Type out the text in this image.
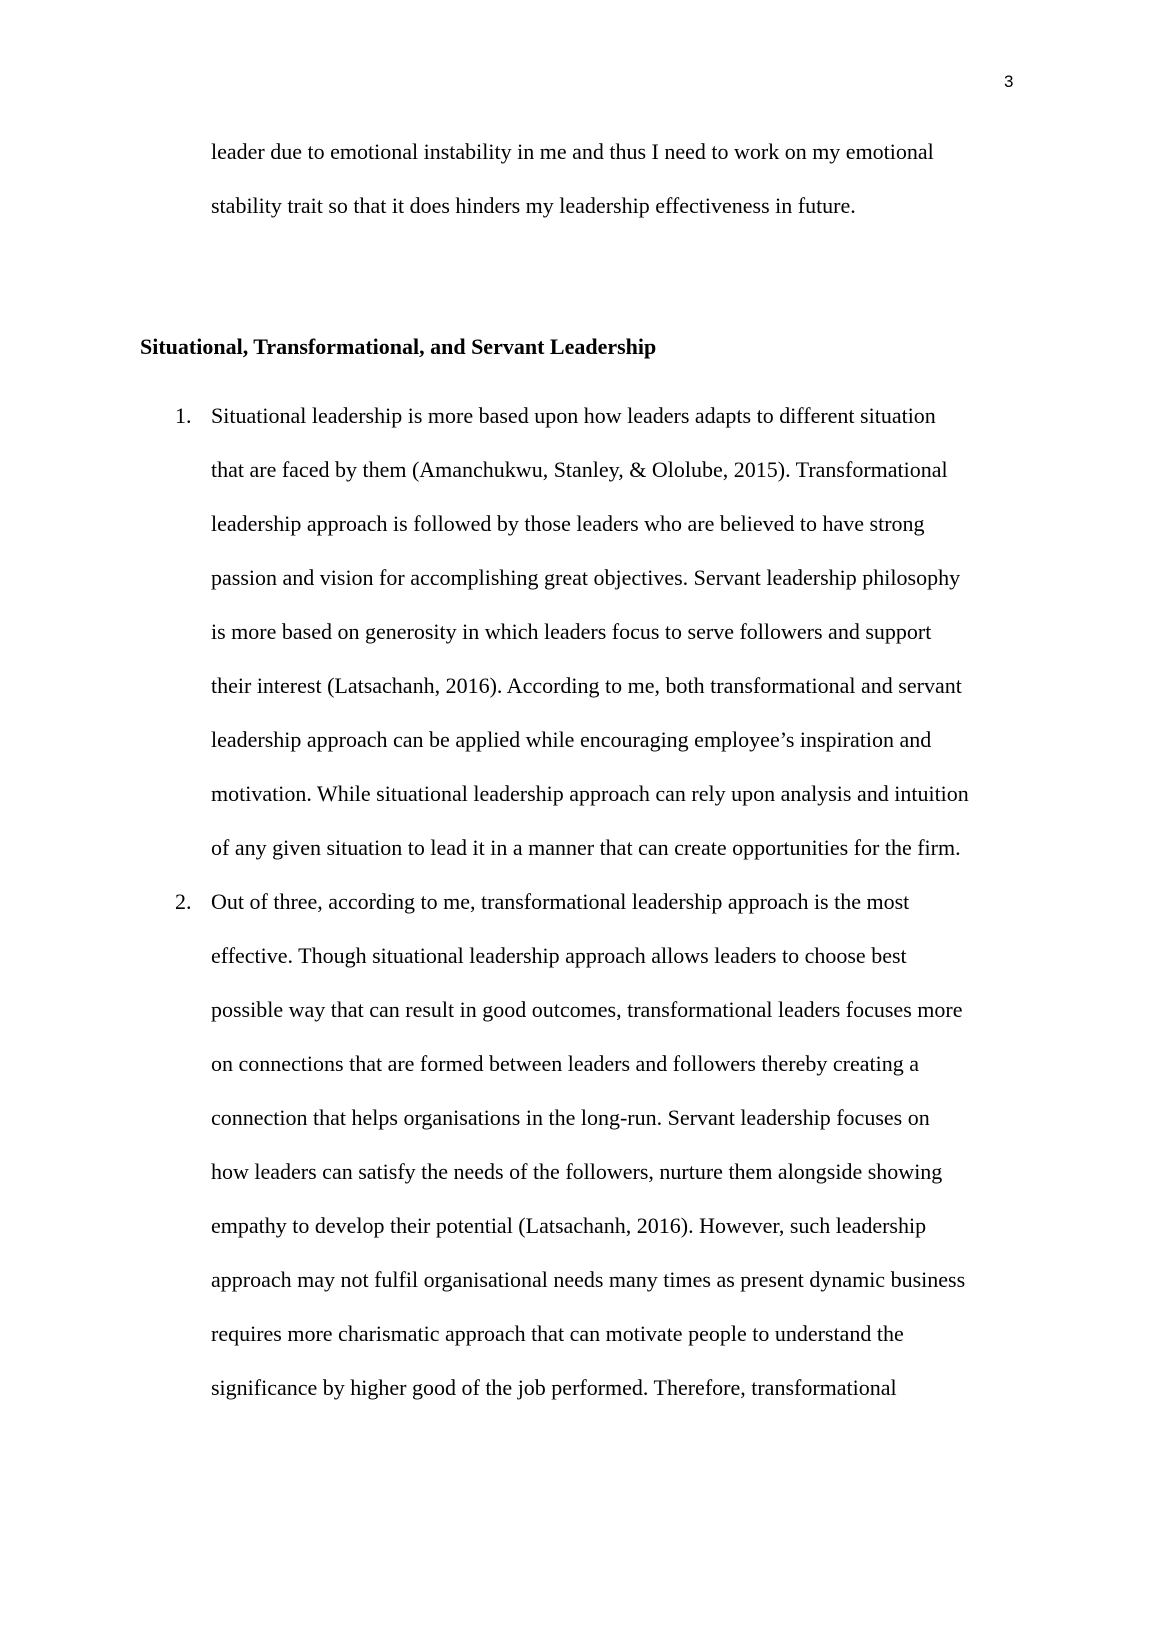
3
leader due to emotional instability in me and thus I need to work on my emotional
stability trait so that it does hinders my leadership effectiveness in future.
Situational, Transformational, and Servant Leadership
1. Situational leadership is more based upon how leaders adapts to different situation
that are faced by them (Amanchukwu, Stanley, & Ololube, 2015). Transformational
leadership approach is followed by those leaders who are believed to have strong
passion and vision for accomplishing great objectives. Servant leadership philosophy
is more based on generosity in which leaders focus to serve followers and support
their interest (Latsachanh, 2016). According to me, both transformational and servant
leadership approach can be applied while encouraging employee’s inspiration and
motivation. While situational leadership approach can rely upon analysis and intuition
of any given situation to lead it in a manner that can create opportunities for the firm.
2. Out of three, according to me, transformational leadership approach is the most
effective. Though situational leadership approach allows leaders to choose best
possible way that can result in good outcomes, transformational leaders focuses more
on connections that are formed between leaders and followers thereby creating a
connection that helps organisations in the long-run. Servant leadership focuses on
how leaders can satisfy the needs of the followers, nurture them alongside showing
empathy to develop their potential (Latsachanh, 2016). However, such leadership
approach may not fulfil organisational needs many times as present dynamic business
requires more charismatic approach that can motivate people to understand the
significance by higher good of the job performed. Therefore, transformational
